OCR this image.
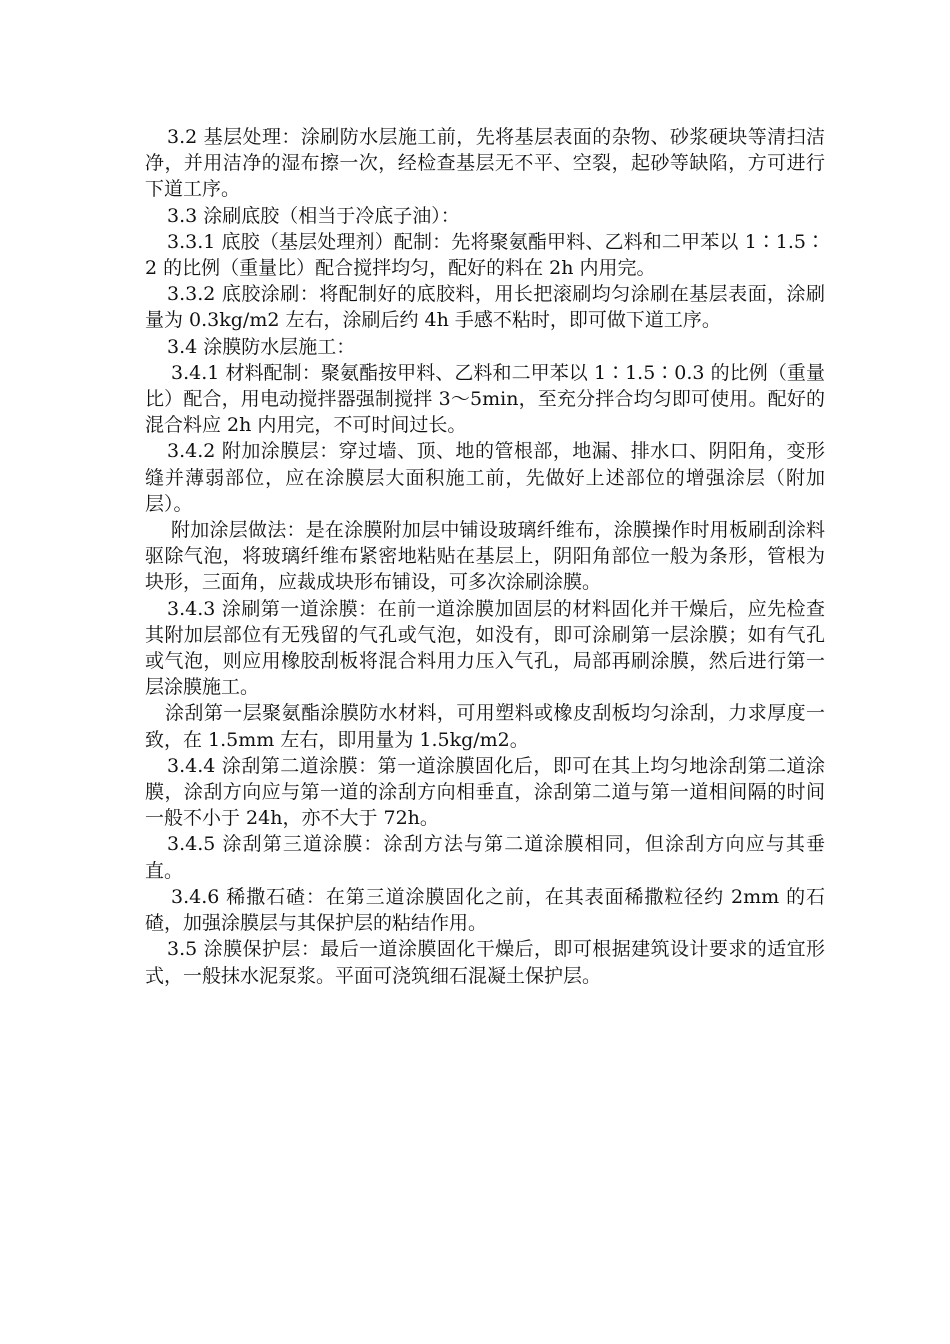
3.2 基层处理：涂刷防水层施工前，先将基层表面的杂物、砂浆硬块等清扫洁净，并用洁净的湿布擦一次，经检查基层无不平、空裂，起砂等缺陷，方可进行下道工序。

3.3 涂刷底胶（相当于冷底子油）：

3.3.1 底胶（基层处理剂）配制：先将聚氨酯甲料、乙料和二甲苯以 1∶1.5∶2 的比例（重量比）配合搅拌均匀，配好的料在 2h 内用完。

3.3.2 底胶涂刷：将配制好的底胶料，用长把滚刷均匀涂刷在基层表面，涂刷量为 0.3kg/m2 左右，涂刷后约 4h 手感不粘时，即可做下道工序。

3.4 涂膜防水层施工：

3.4.1 材料配制：聚氨酯按甲料、乙料和二甲苯以 1∶1.5∶0.3 的比例（重量比）配合，用电动搅拌器强制搅拌 3～5min，至充分拌合均匀即可使用。配好的混合料应 2h 内用完，不可时间过长。

3.4.2 附加涂膜层：穿过墙、顶、地的管根部，地漏、排水口、阴阳角，变形缝并薄弱部位，应在涂膜层大面积施工前，先做好上述部位的增强涂层（附加层）。

附加涂层做法：是在涂膜附加层中铺设玻璃纤维布，涂膜操作时用板刷刮涂料驱除气泡，将玻璃纤维布紧密地粘贴在基层上，阴阳角部位一般为条形，管根为块形，三面角，应裁成块形布铺设，可多次涂刷涂膜。

3.4.3 涂刷第一道涂膜：在前一道涂膜加固层的材料固化并干燥后，应先检查其附加层部位有无残留的气孔或气泡，如没有，即可涂刷第一层涂膜；如有气孔或气泡，则应用橡胶刮板将混合料用力压入气孔，局部再刷涂膜，然后进行第一层涂膜施工。

涂刮第一层聚氨酯涂膜防水材料，可用塑料或橡皮刮板均匀涂刮，力求厚度一致，在 1.5mm 左右，即用量为 1.5kg/m2。

3.4.4 涂刮第二道涂膜：第一道涂膜固化后，即可在其上均匀地涂刮第二道涂膜，涂刮方向应与第一道的涂刮方向相垂直，涂刮第二道与第一道相间隔的时间一般不小于 24h，亦不大于 72h。

3.4.5 涂刮第三道涂膜：涂刮方法与第二道涂膜相同，但涂刮方向应与其垂直。

3.4.6 稀撒石碴：在第三道涂膜固化之前，在其表面稀撒粒径约 2mm 的石碴，加强涂膜层与其保护层的粘结作用。

3.5 涂膜保护层：最后一道涂膜固化干燥后，即可根据建筑设计要求的适宜形式，一般抹水泥泵浆。平面可浇筑细石混凝土保护层。
